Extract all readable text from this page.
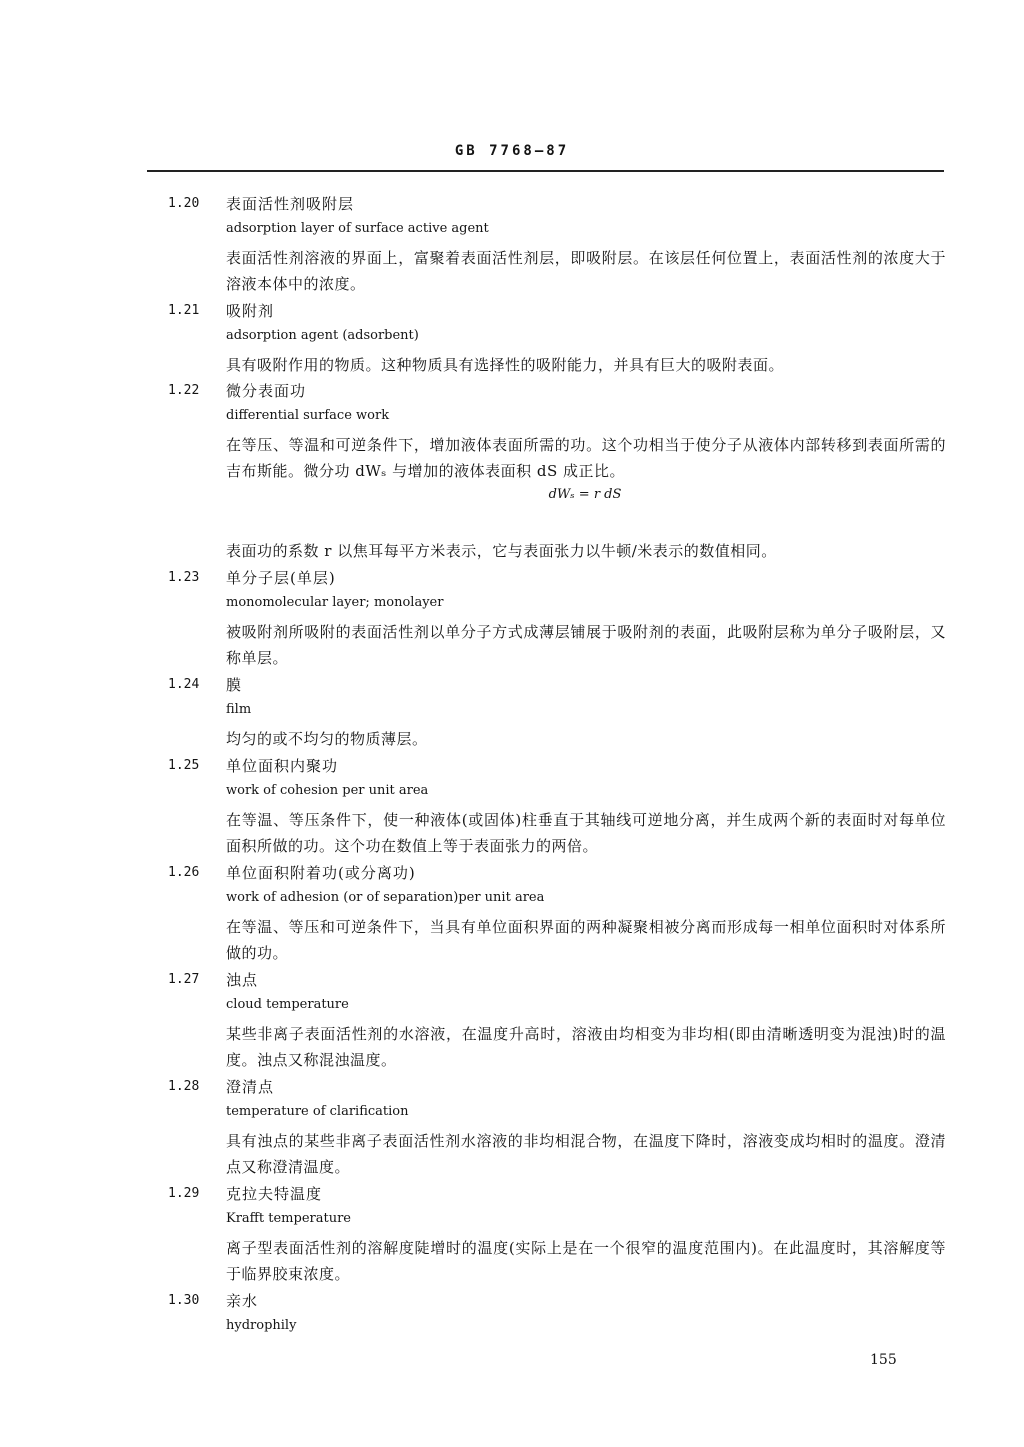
GB 7768—87
1.20 表面活性剂吸附层
adsorption layer of surface active agent
表面活性剂溶液的界面上，富聚着表面活性剂层，即吸附层。在该层任何位置上，表面活性剂的浓度大于溶液本体中的浓度。
1.21 吸附剂
adsorption agent (adsorbent)
具有吸附作用的物质。这种物质具有选择性的吸附能力，并具有巨大的吸附表面。
1.22 微分表面功
differential surface work
在等压、等温和可逆条件下，增加液体表面所需的功。这个功相当于使分子从液体内部转移到表面所需的吉布斯能。微分功 dWₛ 与增加的液体表面积 dS 成正比。
dWₛ = r dS
表面功的系数 r 以焦耳每平方米表示，它与表面张力以牛顿/米表示的数值相同。
1.23 单分子层(单层)
monomolecular layer; monolayer
被吸附剂所吸附的表面活性剂以单分子方式成薄层铺展于吸附剂的表面，此吸附层称为单分子吸附层，又称单层。
1.24 膜
film
均匀的或不均匀的物质薄层。
1.25 单位面积内聚功
work of cohesion per unit area
在等温、等压条件下，使一种液体(或固体)柱垂直于其轴线可逆地分离，并生成两个新的表面时对每单位面积所做的功。这个功在数值上等于表面张力的两倍。
1.26 单位面积附着功(或分离功)
work of adhesion (or of separation)per unit area
在等温、等压和可逆条件下，当具有单位面积界面的两种凝聚相被分离而形成每一相单位面积时对体系所做的功。
1.27 浊点
cloud temperature
某些非离子表面活性剂的水溶液，在温度升高时，溶液由均相变为非均相(即由清晰透明变为混浊)时的温度。浊点又称混浊温度。
1.28 澄清点
temperature of clarification
具有浊点的某些非离子表面活性剂水溶液的非均相混合物，在温度下降时，溶液变成均相时的温度。澄清点又称澄清温度。
1.29 克拉夫特温度
Krafft temperature
离子型表面活性剂的溶解度陡增时的温度(实际上是在一个很窄的温度范围内)。在此温度时，其溶解度等于临界胶束浓度。
1.30 亲水
hydrophily
155
